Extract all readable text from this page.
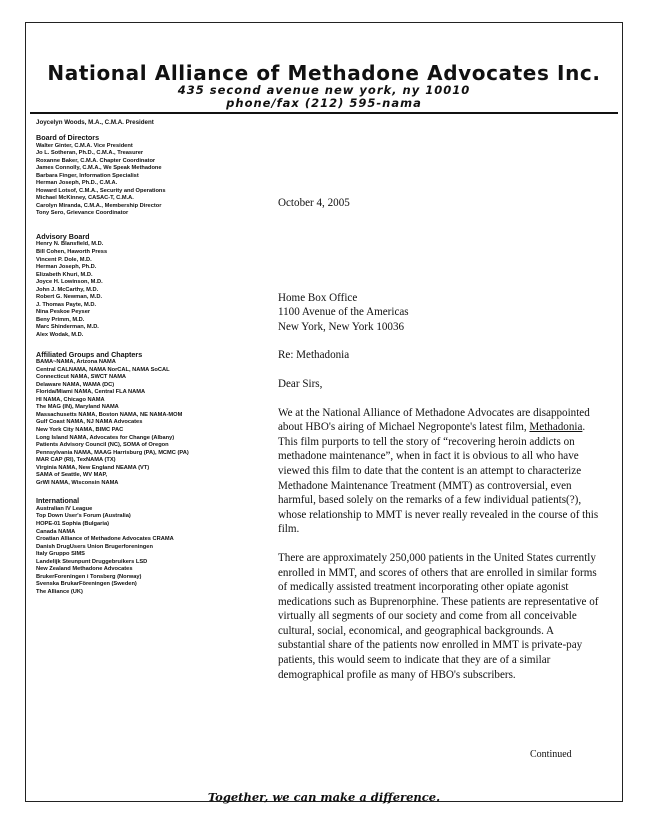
National Alliance of Methadone Advocates Inc.
435 second avenue new york, ny 10010
phone/fax (212) 595-nama
Joycelyn Woods, M.A., C.M.A. President
Board of Directors
Walter Ginter, C.M.A. Vice President
Jo L. Sotheran, Ph.D., C.M.A., Treasurer
Roxanne Baker, C.M.A. Chapter Coordinator
James Connolly, C.M.A., We Speak Methadone
Barbara Finger, Information Specialist
Herman Joseph, Ph.D., C.M.A.
Howard Lotsof, C.M.A., Security and Operations
Michael McKinney, CASAC-T, C.M.A.
Carolyn Miranda, C.M.A., Membership Director
Tony Sero, Grievance Coordinator
Advisory Board
Henry N. Blansfield, M.D.
Bill Cohen, Haworth Press
Vincent P. Dole, M.D.
Herman Joseph, Ph.D.
Elizabeth Khuri, M.D.
Joyce H. Lowinson, M.D.
John J. McCarthy, M.D.
Robert G. Newman, M.D.
J. Thomas Payte, M.D.
Nina Peskoe Peyser
Beny Primm, M.D.
Marc Shinderman, M.D.
Alex Wodak, M.D.
Affiliated Groups and Chapters
BAMA~NAMA, Arizona NAMA
Central CALNAMA, NAMA NorCAL, NAMA SoCAL
Connecticut NAMA, SWCT NAMA
Delaware NAMA, WAMA (DC)
Florida/Miami NAMA, Central FLA NAMA
HI NAMA, Chicago NAMA
The MAG (IN), Maryland NAMA
Massachusetts NAMA, Boston NAMA, NE NAMA-MOM
Gulf Coast NAMA, NJ NAMA Advocates
New York City NAMA, BIMC PAC
Long Island NAMA, Advocates for Change (Albany)
Patients Advisory Council (NC), SOMA of Oregon
Pennsylvania NAMA, MAAG Harrisburg (PA), MCMC (PA)
MAR CAP (RI), TexNAMA (TX)
Virginia NAMA, New England NEAMA (VT)
SAMA of Seattle, WV MAP,
GrWI NAMA, Wisconsin NAMA
International
Australian IV League
Top Down User's Forum (Australia)
HOPE-01 Sophia (Bulgaria)
Canada NAMA
Croatian Alliance of Methadone Advocates CRAMA
Danish DrugUsers Union Brugerforeningen
Italy Gruppo SIMS
Landelijk Steunpunt Druggebruikers LSD
New Zealand Methadone Advocates
BrukerForeningen i Tonsberg (Norway)
Svenska BrukarFöreningen (Sweden)
The Alliance (UK)
October 4, 2005
Home Box Office
1100 Avenue of the Americas
New York, New York 10036
Re: Methadonia
Dear Sirs,

We at the National Alliance of Methadone Advocates are disappointed about HBO's airing of Michael Negroponte's latest film, Methadonia. This film purports to tell the story of “recovering heroin addicts on methadone maintenance”, when in fact it is obvious to all who have viewed this film to date that the content is an attempt to characterize Methadone Maintenance Treatment (MMT) as controversial, even harmful, based solely on the remarks of a few individual patients(?), whose relationship to MMT is never really revealed in the course of this film.

There are approximately 250,000 patients in the United States currently enrolled in MMT, and scores of others that are enrolled in similar forms of medically assisted treatment incorporating other opiate agonist medications such as Buprenorphine. These patients are representative of virtually all segments of our society and come from all conceivable cultural, social, economical, and geographical backgrounds. A substantial share of the patients now enrolled in MMT is private-pay patients, this would seem to indicate that they are of a similar demographical profile as many of HBO's subscribers.

Continued
Together, we can make a difference.
